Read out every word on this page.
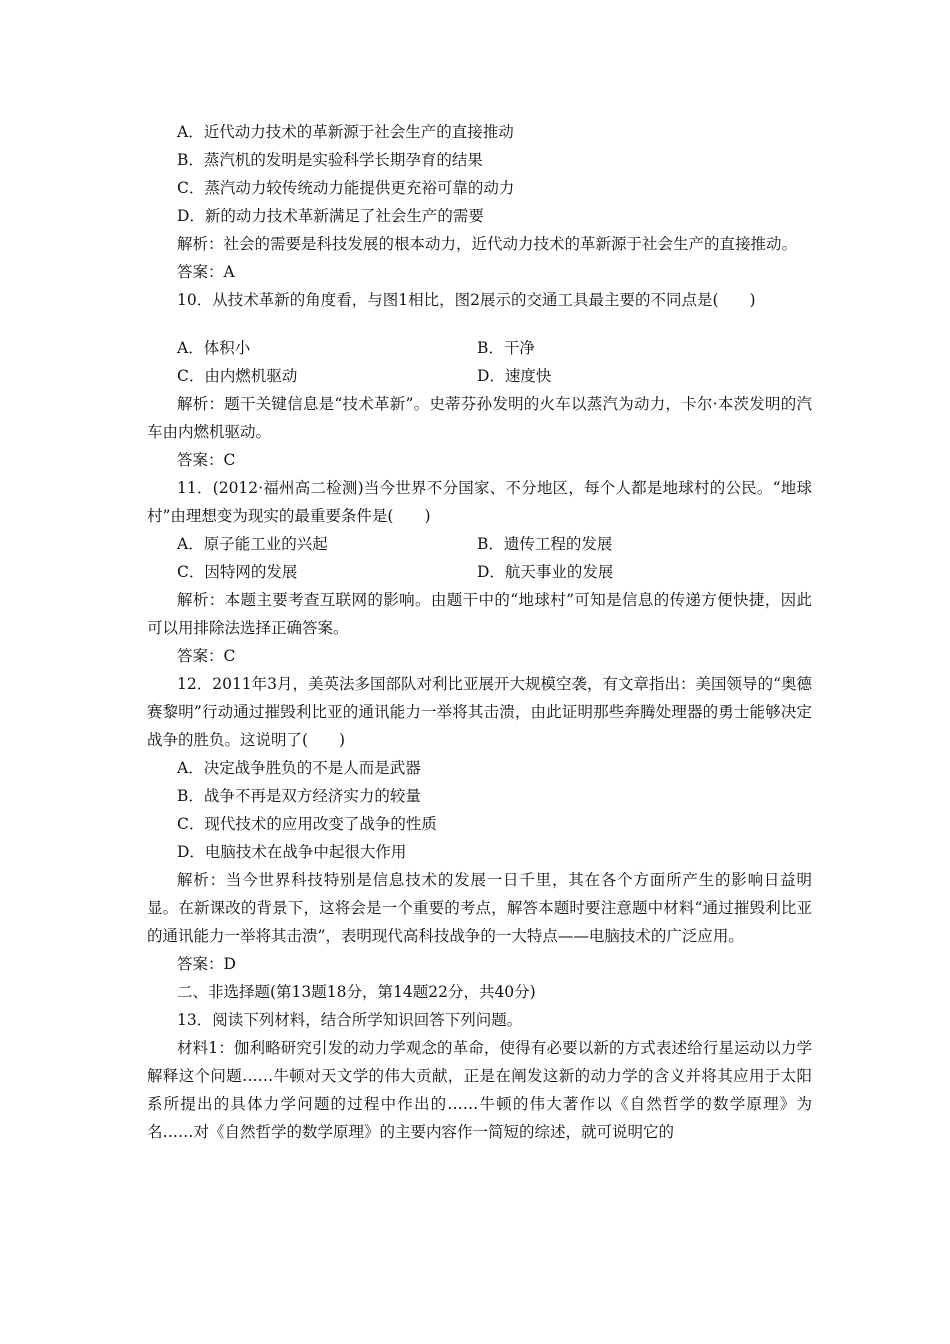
A．近代动力技术的革新源于社会生产的直接推动
B．蒸汽机的发明是实验科学长期孕育的结果
C．蒸汽动力较传统动力能提供更充裕可靠的动力
D．新的动力技术革新满足了社会生产的需要
解析：社会的需要是科技发展的根本动力，近代动力技术的革新源于社会生产的直接推动。
答案：A
10．从技术革新的角度看，与图1相比，图2展示的交通工具最主要的不同点是(　　)
A．体积小	B．干净
C．由内燃机驱动	D．速度快
解析：题干关键信息是“技术革新”。史蒂芬孙发明的火车以蒸汽为动力，卡尔·本茨发明的汽车由内燃机驱动。
答案：C
11．(2012·福州高二检测)当今世界不分国家、不分地区，每个人都是地球村的公民。“地球村”由理想变为现实的最重要条件是(　　)
A．原子能工业的兴起	B．遗传工程的发展
C．因特网的发展	D．航天事业的发展
解析：本题主要考查互联网的影响。由题干中的“地球村”可知是信息的传递方便快捷，因此可以用排除法选择正确答案。
答案：C
12．2011年3月，美英法多国部队对利比亚展开大规模空袭，有文章指出：美国领导的“奥德赛黎明”行动通过摧毁利比亚的通讯能力一举将其击溃，由此证明那些奔腾处理器的勇士能够决定战争的胜负。这说明了(　　)
A．决定战争胜负的不是人而是武器
B．战争不再是双方经济实力的较量
C．现代技术的应用改变了战争的性质
D．电脑技术在战争中起很大作用
解析：当今世界科技特别是信息技术的发展一日千里，其在各个方面所产生的影响日益明显。在新课改的背景下，这将会是一个重要的考点，解答本题时要注意题中材料“通过摧毁利比亚的通讯能力一举将其击溃”，表明现代高科技战争的一大特点——电脑技术的广泛应用。
答案：D
二、非选择题(第13题18分，第14题22分，共40分)
13．阅读下列材料，结合所学知识回答下列问题。
材料1：伽利略研究引发的动力学观念的革命，使得有必要以新的方式表述给行星运动以力学解释这个问题……牛顿对天文学的伟大贡献，正是在阐发这新的动力学的含义并将其应用于太阳系所提出的具体力学问题的过程中作出的……牛顿的伟大著作以《自然哲学的数学原理》为名……对《自然哲学的数学原理》的主要内容作一简短的综述，就可说明它的
